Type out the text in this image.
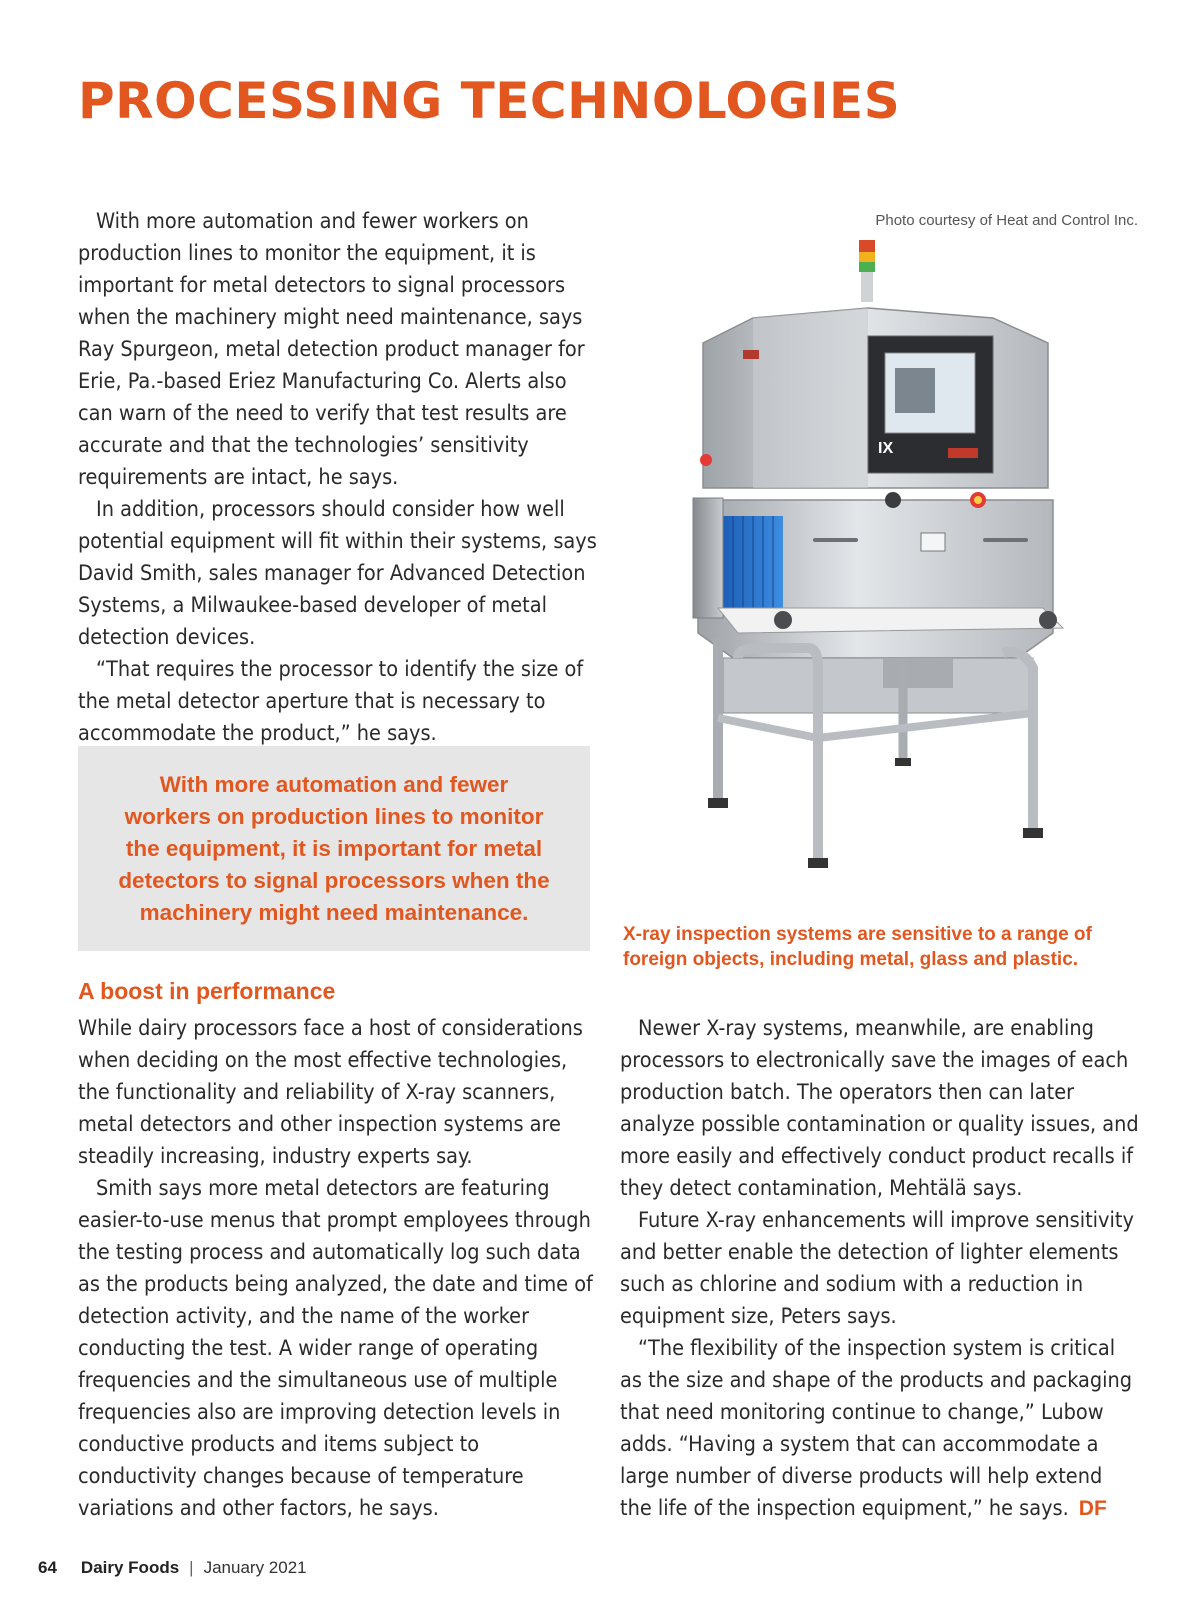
PROCESSING TECHNOLOGIES

With more automation and fewer workers on production lines to monitor the equipment, it is important for metal detectors to signal processors when the machinery might need maintenance, says Ray Spurgeon, metal detection product manager for Erie, Pa.-based Eriez Manufacturing Co. Alerts also can warn of the need to verify that test results are accurate and that the technologies’ sensitivity requirements are intact, he says.

In addition, processors should consider how well potential equipment will fit within their systems, says David Smith, sales manager for Advanced Detection Systems, a Milwaukee-based developer of metal detection devices.

“That requires the processor to identify the size of the metal detector aperture that is necessary to accommodate the product,” he says.

With more automation and fewer workers on production lines to monitor the equipment, it is important for metal detectors to signal processors when the machinery might need maintenance.
A boost in performance

While dairy processors face a host of considerations when deciding on the most effective technologies, the functionality and reliability of X-ray scanners, metal detectors and other inspection systems are steadily increasing, industry experts say.

Smith says more metal detectors are featuring easier-to-use menus that prompt employees through the testing process and automatically log such data as the products being analyzed, the date and time of detection activity, and the name of the worker conducting the test. A wider range of operating frequencies and the simultaneous use of multiple frequencies also are improving detection levels in conductive products and items subject to conductivity changes because of temperature variations and other factors, he says.

Newer X-ray systems, meanwhile, are enabling processors to electronically save the images of each production batch. The operators then can later analyze possible contamination or quality issues, and more easily and effectively conduct product recalls if they detect contamination, Mehtälä says.

Future X-ray enhancements will improve sensitivity and better enable the detection of lighter elements such as chlorine and sodium with a reduction in equipment size, Peters says.

“The flexibility of the inspection system is critical as the size and shape of the products and packaging that need monitoring continue to change,” Lubow adds. “Having a system that can accommodate a large number of diverse products will help extend the life of the inspection equipment,” he says. DF

Photo courtesy of Heat and Control Inc.
IX
X-ray inspection systems are sensitive to a range of foreign objects, including metal, glass and plastic.
64 Dairy Foods | January 2021
